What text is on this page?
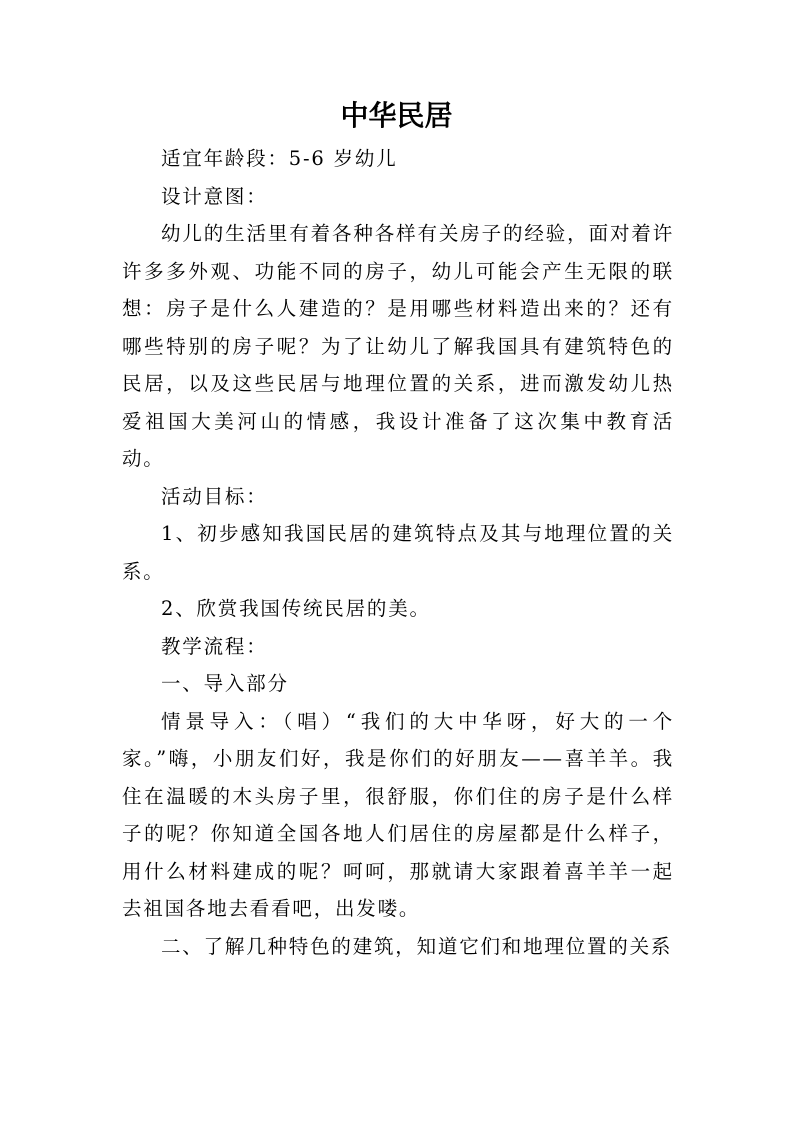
中华民居

适宜年龄段：5-6 岁幼儿

设计意图：

幼儿的生活里有着各种各样有关房子的经验，面对着许许多多外观、功能不同的房子，幼儿可能会产生无限的联想：房子是什么人建造的？是用哪些材料造出来的？还有哪些特别的房子呢？为了让幼儿了解我国具有建筑特色的民居，以及这些民居与地理位置的关系，进而激发幼儿热爱祖国大美河山的情感，我设计准备了这次集中教育活动。

活动目标：

1、初步感知我国民居的建筑特点及其与地理位置的关系。

2、欣赏我国传统民居的美。

教学流程：

一、导入部分

情景导入：（唱）“我们的大中华呀，好大的一个家。”嗨，小朋友们好，我是你们的好朋友——喜羊羊。我住在温暖的木头房子里，很舒服，你们住的房子是什么样子的呢？你知道全国各地人们居住的房屋都是什么样子，用什么材料建成的呢？呵呵，那就请大家跟着喜羊羊一起去祖国各地去看看吧，出发喽。

二、了解几种特色的建筑，知道它们和地理位置的关系
